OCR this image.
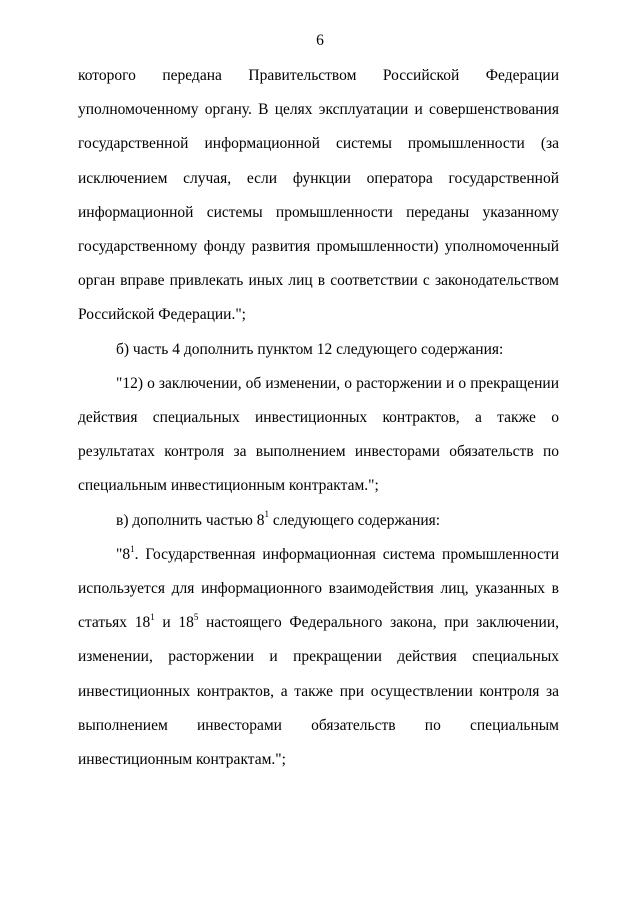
6

которого передана Правительством Российской Федерации уполномоченному органу. В целях эксплуатации и совершенствования государственной информационной системы промышленности (за исключением случая, если функции оператора государственной информационной системы промышленности переданы указанному государственному фонду развития промышленности) уполномоченный орган вправе привлекать иных лиц в соответствии с законодательством Российской Федерации.";

б) часть 4 дополнить пунктом 12 следующего содержания:

"12) о заключении, об изменении, о расторжении и о прекращении действия специальных инвестиционных контрактов, а также о результатах контроля за выполнением инвесторами обязательств по специальным инвестиционным контрактам.";

в) дополнить частью $8^1$ следующего содержания:

"$8^1$. Государственная информационная система промышленности используется для информационного взаимодействия лиц, указанных в статьях $18^1$ и $18^5$ настоящего Федерального закона, при заключении, изменении, расторжении и прекращении действия специальных инвестиционных контрактов, а также при осуществлении контроля за выполнением инвесторами обязательств по специальным инвестиционным контрактам.";
